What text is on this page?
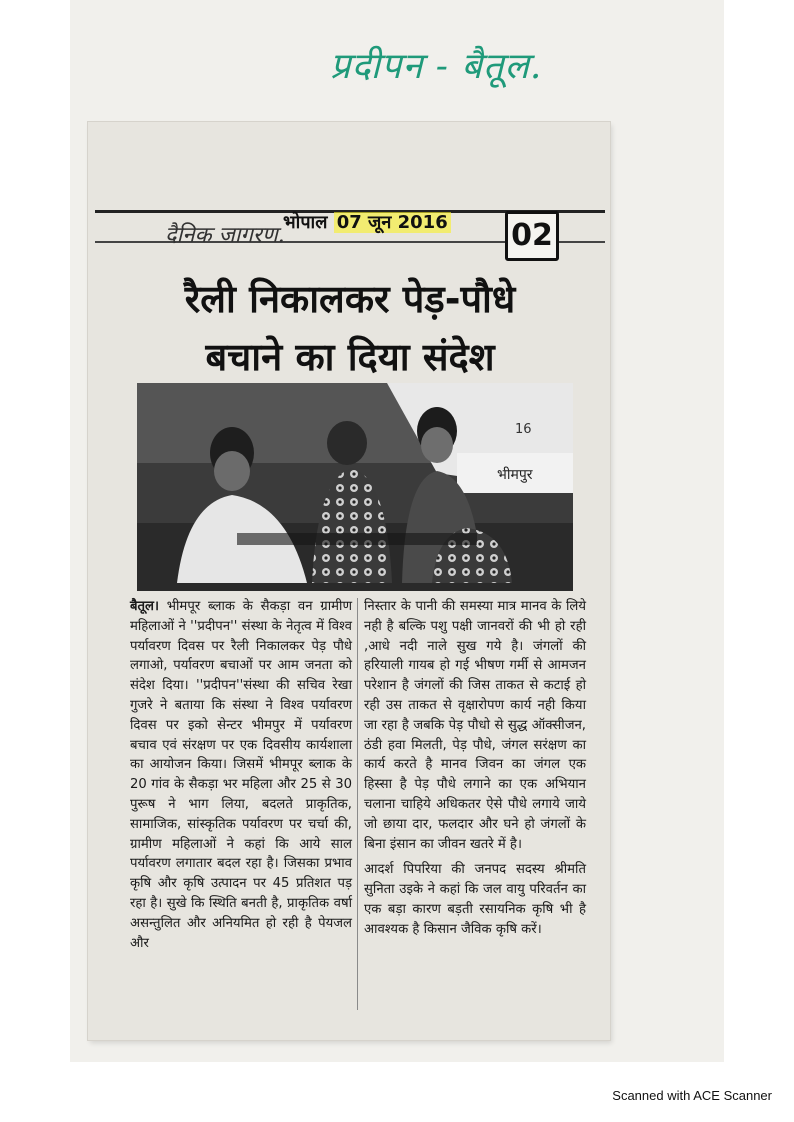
प्रदीपन - बैतूल.
दैनिक जागरण.
भोपाल 07 जून 2016 02
रैली निकालकर पेड़-पौधे
बचाने का दिया संदेश
भीमपुर
16
बैतूल। भीमपूर ब्लाक के सैकड़ा वन ग्रामीण महिलाओं ने ''प्रदीपन'' संस्था के नेतृत्व में विश्व पर्यावरण दिवस पर रैली निकालकर पेड़ पौधे लगाओ, पर्यावरण बचाओं पर आम जनता को संदेश दिया। ''प्रदीपन''संस्था की सचिव रेखा गुजरे ने बताया कि संस्था ने विश्व पर्यावरण दिवस पर इको सेन्टर भीमपुर में पर्यावरण बचाव एवं संरक्षण पर एक दिवसीय कार्यशाला का आयोजन किया। जिसमें भीमपूर ब्लाक के 20 गांव के सैकड़ा भर महिला और 25 से 30 पुरूष ने भाग लिया, बदलते प्राकृतिक, सामाजिक, सांस्कृतिक पर्यावरण पर चर्चा की, ग्रामीण महिलाओं ने कहां कि आये साल पर्यावरण लगातार बदल रहा है। जिसका प्रभाव कृषि और कृषि उत्पादन पर 45 प्रतिशत पड़ रहा है। सुखे कि स्थिति बनती है, प्राकृतिक वर्षा असन्तुलित और अनियमित हो रही है पेयजल और

निस्तार के पानी की समस्या मात्र मानव के लिये नही है बल्कि पशु पक्षी जानवरों की भी हो रही ,आधे नदी नाले सुख गये है। जंगलों की हरियाली गायब हो गई भीषण गर्मी से आमजन परेशान है जंगलों की जिस ताकत से कटाई हो रही उस ताकत से वृक्षारोपण कार्य नही किया जा रहा है जबकि पेड़ पौधो से सुद्ध ऑक्सीजन, ठंडी हवा मिलती, पेड़ पौधे, जंगल सरंक्षण का कार्य करते है मानव जिवन का जंगल एक हिस्सा है पेड़ पौधे लगाने का एक अभियान चलाना चाहिये अधिकतर ऐसे पौधे लगाये जाये जो छाया दार, फलदार और घने हो जंगलों के बिना इंसान का जीवन खतरे में है।

आदर्श पिपरिया की जनपद सदस्य श्रीमति सुनिता उइके ने कहां कि जल वायु परिवर्तन का एक बड़ा कारण बड़ती रसायनिक कृषि भी है आवश्यक है किसान जैविक कृषि करें।

Scanned with ACE Scanner
